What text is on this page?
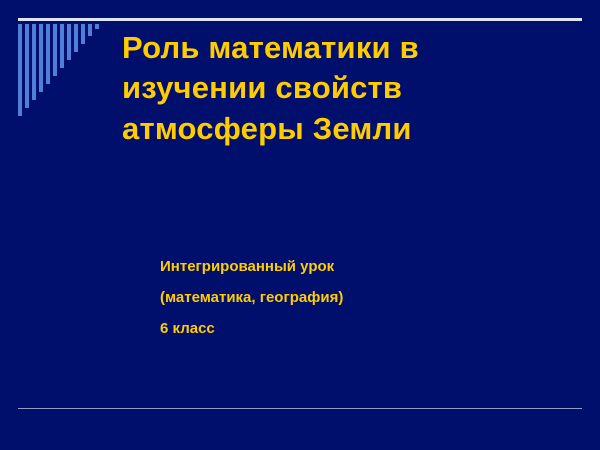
Роль математики в изучении свойств атмосферы Земли
Интегрированный урок
(математика, география)
6 класс
